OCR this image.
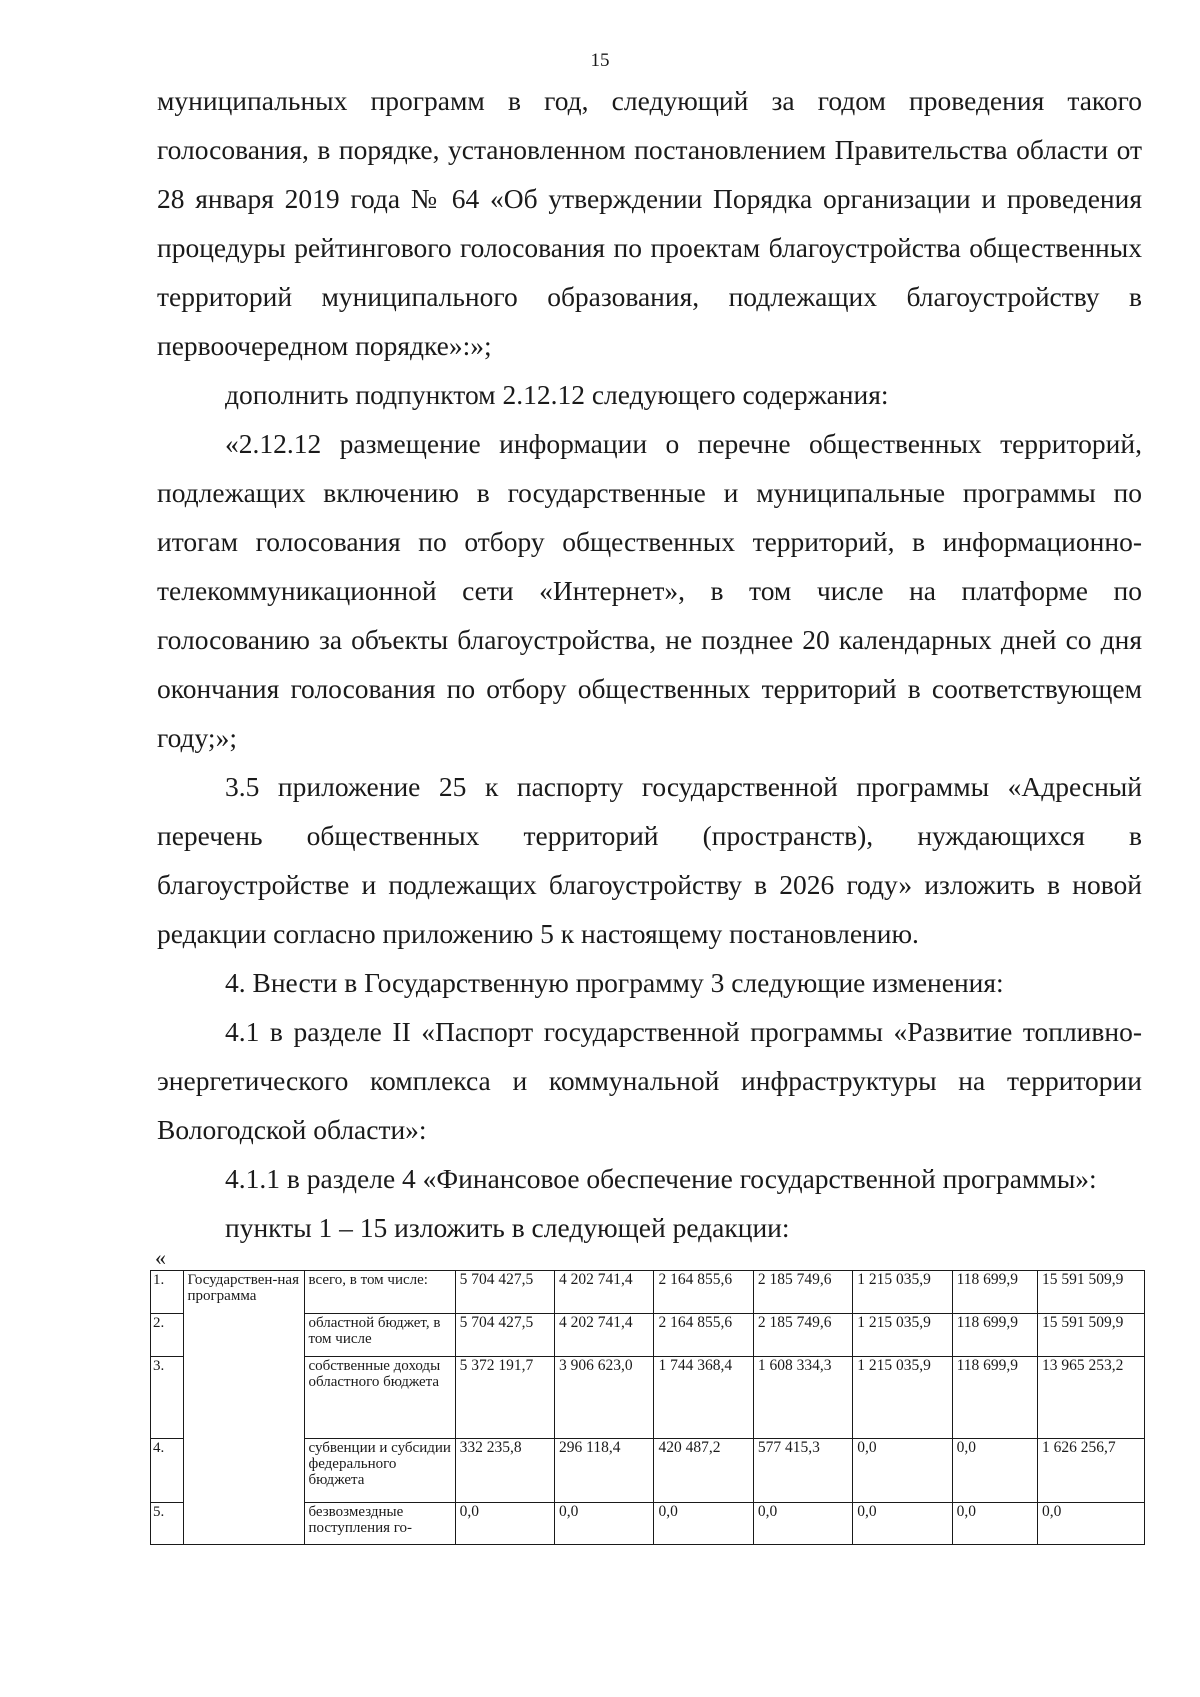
15

муниципальных программ в год, следующий за годом проведения такого голосования, в порядке, установленном постановлением Правительства области от 28 января 2019 года № 64 «Об утверждении Порядка организации и проведения процедуры рейтингового голосования по проектам благоустройства общественных территорий муниципального образования, подлежащих благоустройству в первоочередном порядке»:»;

дополнить подпунктом 2.12.12 следующего содержания:

«2.12.12 размещение информации о перечне общественных территорий, подлежащих включению в государственные и муниципальные программы по итогам голосования по отбору общественных территорий, в информационно-телекоммуникационной сети «Интернет», в том числе на платформе по голосованию за объекты благоустройства, не позднее 20 календарных дней со дня окончания голосования по отбору общественных территорий в соответствующем году;»;

3.5 приложение 25 к паспорту государственной программы «Адресный перечень общественных территорий (пространств), нуждающихся в благоустройстве и подлежащих благоустройству в 2026 году» изложить в новой редакции согласно приложению 5 к настоящему постановлению.

4. Внести в Государственную программу 3 следующие изменения:

4.1 в разделе II «Паспорт государственной программы «Развитие топливно-энергетического комплекса и коммунальной инфраструктуры на территории Вологодской области»:

4.1.1 в разделе 4 «Финансовое обеспечение государственной программы»:

пункты 1 – 15 изложить в следующей редакции:

«
1.	Государствен-ная программа	всего, в том числе:	5 704 427,5	4 202 741,4	2 164 855,6	2 185 749,6	1 215 035,9	118 699,9	15 591 509,9
2.		областной бюджет, в том числе	5 704 427,5	4 202 741,4	2 164 855,6	2 185 749,6	1 215 035,9	118 699,9	15 591 509,9
3.		собственные доходы областного бюджета	5 372 191,7	3 906 623,0	1 744 368,4	1 608 334,3	1 215 035,9	118 699,9	13 965 253,2
4.		субвенции и субсидии федерального бюджета	332 235,8	296 118,4	420 487,2	577 415,3	0,0	0,0	1 626 256,7
5.		безвозмездные поступления го-	0,0	0,0	0,0	0,0	0,0	0,0	0,0
